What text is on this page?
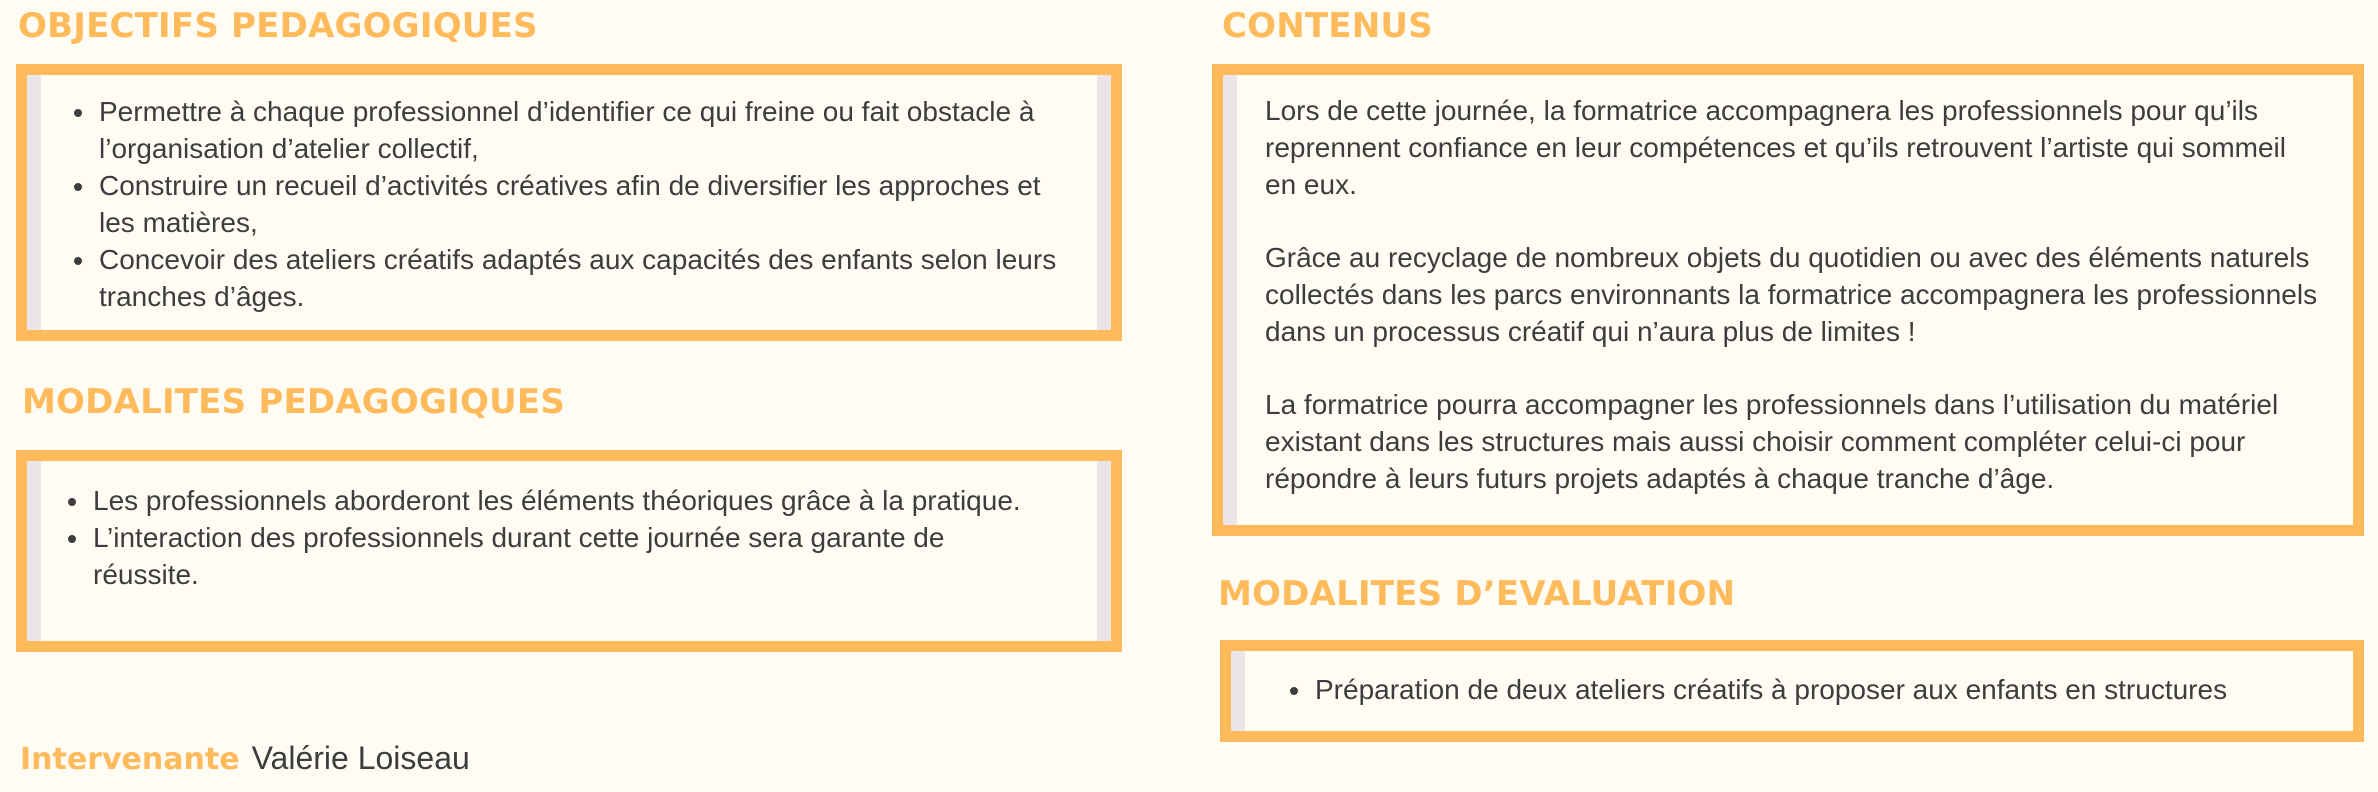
OBJECTIFS PEDAGOGIQUES
• Permettre à chaque professionnel d’identifier ce qui freine ou fait obstacle à l’organisation d’atelier collectif,
• Construire un recueil d’activités créatives afin de diversifier les approches et les matières,
• Concevoir des ateliers créatifs adaptés aux capacités des enfants selon leurs tranches d’âges.
MODALITES PEDAGOGIQUES
• Les professionnels aborderont les éléments théoriques grâce à la pratique.
• L’interaction des professionnels durant cette journée sera garante de réussite.
Intervenante Valérie Loiseau
CONTENUS

Lors de cette journée, la formatrice accompagnera les professionnels pour qu’ils reprennent confiance en leur compétences et qu’ils retrouvent l’artiste qui sommeil en eux.

Grâce au recyclage de nombreux objets du quotidien ou avec des éléments naturels collectés dans les parcs environnants la formatrice accompagnera les professionnels dans un processus créatif qui n’aura plus de limites !

La formatrice pourra accompagner les professionnels dans l’utilisation du matériel existant dans les structures mais aussi choisir comment compléter celui-ci pour répondre à leurs futurs projets adaptés à chaque tranche d’âge.

MODALITES D’EVALUATION
• Préparation de deux ateliers créatifs à proposer aux enfants en structures
